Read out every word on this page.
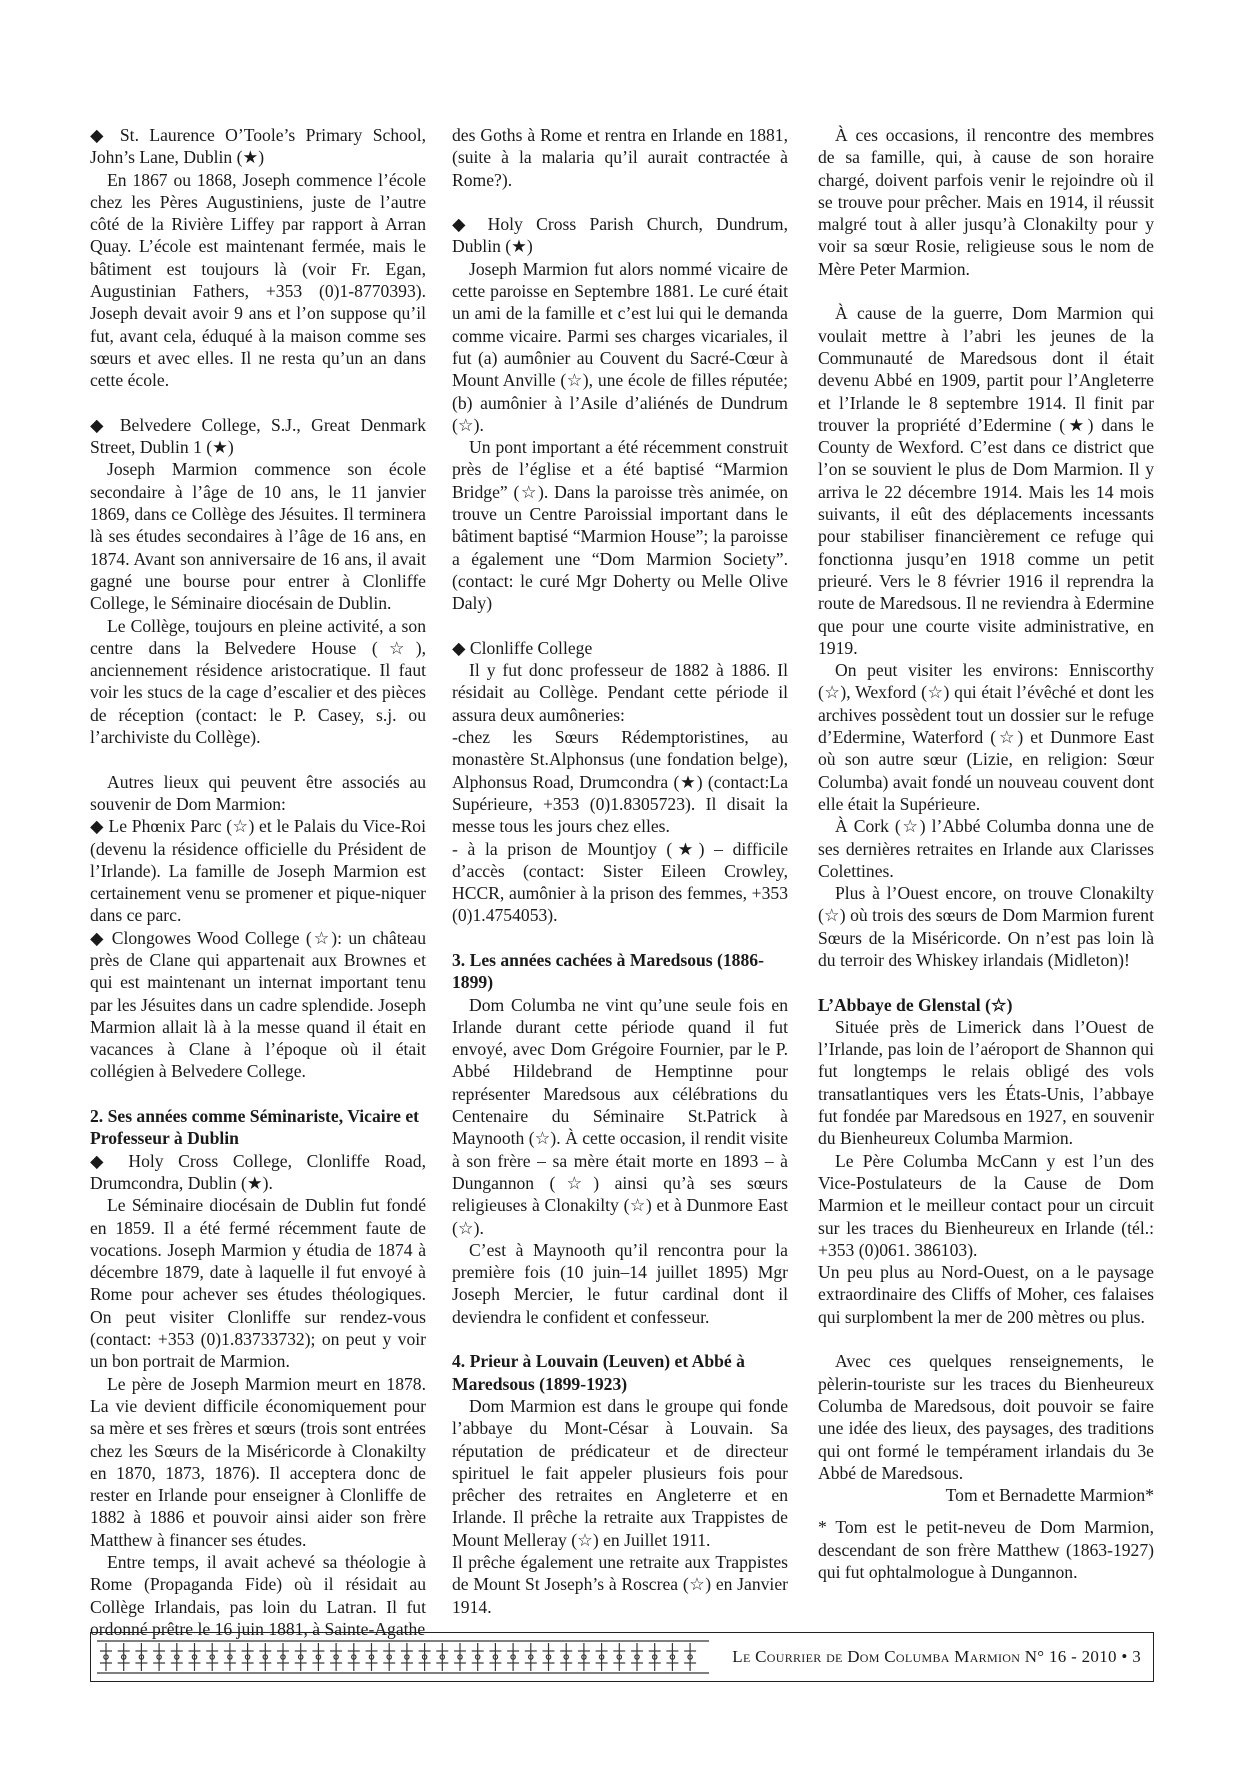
◆ St. Laurence O’Toole’s Primary School, John’s Lane, Dublin (★)

En 1867 ou 1868, Joseph commence l’école chez les Pères Augustiniens, juste de l’autre côté de la Rivière Liffey par rapport à Arran Quay. L’école est maintenant fermée, mais le bâtiment est toujours là (voir Fr. Egan, Augustinian Fathers, +353 (0)1-8770393). Joseph devait avoir 9 ans et l’on suppose qu’il fut, avant cela, éduqué à la maison comme ses sœurs et avec elles. Il ne resta qu’un an dans cette école.

◆ Belvedere College, S.J., Great Denmark Street, Dublin 1 (★)

Joseph Marmion commence son école secondaire à l’âge de 10 ans, le 11 janvier 1869, dans ce Collège des Jésuites. Il terminera là ses études secondaires à l’âge de 16 ans, en 1874. Avant son anniversaire de 16 ans, il avait gagné une bourse pour entrer à Clonliffe College, le Séminaire diocésain de Dublin.

Le Collège, toujours en pleine activité, a son centre dans la Belvedere House (☆), anciennement résidence aristocratique. Il faut voir les stucs de la cage d’escalier et des pièces de réception (contact: le P. Casey, s.j. ou l’archiviste du Collège).

Autres lieux qui peuvent être associés au souvenir de Dom Marmion:

◆ Le Phœnix Parc (☆) et le Palais du Vice-Roi (devenu la résidence officielle du Président de l’Irlande). La famille de Joseph Marmion est certainement venu se promener et pique-niquer dans ce parc.

◆ Clongowes Wood College (☆): un château près de Clane qui appartenait aux Brownes et qui est maintenant un internat important tenu par les Jésuites dans un cadre splendide. Joseph Marmion allait là à la messe quand il était en vacances à Clane à l’époque où il était collégien à Belvedere College.

2. Ses années comme Séminariste, Vicaire et Professeur à Dublin

◆ Holy Cross College, Clonliffe Road, Drumcondra, Dublin (★).

Le Séminaire diocésain de Dublin fut fondé en 1859. Il a été fermé récemment faute de vocations. Joseph Marmion y étudia de 1874 à décembre 1879, date à laquelle il fut envoyé à Rome pour achever ses études théologiques. On peut visiter Clonliffe sur rendez-vous (contact: +353 (0)1.83733732); on peut y voir un bon portrait de Marmion.

Le père de Joseph Marmion meurt en 1878. La vie devient difficile économiquement pour sa mère et ses frères et sœurs (trois sont entrées chez les Sœurs de la Miséricorde à Clonakilty en 1870, 1873, 1876). Il acceptera donc de rester en Irlande pour enseigner à Clonliffe de 1882 à 1886 et pouvoir ainsi aider son frère Matthew à financer ses études.

Entre temps, il avait achevé sa théologie à Rome (Propaganda Fide) où il résidait au Collège Irlandais, pas loin du Latran. Il fut ordonné prêtre le 16 juin 1881, à Sainte-Agathe

des Goths à Rome et rentra en Irlande en 1881, (suite à la malaria qu’il aurait contractée à Rome?).

◆ Holy Cross Parish Church, Dundrum, Dublin (★)

Joseph Marmion fut alors nommé vicaire de cette paroisse en Septembre 1881. Le curé était un ami de la famille et c’est lui qui le demanda comme vicaire. Parmi ses charges vicariales, il fut (a) aumônier au Couvent du Sacré-Cœur à Mount Anville (☆), une école de filles réputée; (b) aumônier à l’Asile d’aliénés de Dundrum (☆).

Un pont important a été récemment construit près de l’église et a été baptisé “Marmion Bridge” (☆). Dans la paroisse très animée, on trouve un Centre Paroissial important dans le bâtiment baptisé “Marmion House”; la paroisse a également une “Dom Marmion Society”. (contact: le curé Mgr Doherty ou Melle Olive Daly)

◆ Clonliffe College

Il y fut donc professeur de 1882 à 1886. Il résidait au Collège. Pendant cette période il assura deux aumôneries:

-chez les Sœurs Rédemptoristines, au monastère St.Alphonsus (une fondation belge), Alphonsus Road, Drumcondra (★) (contact:La Supérieure, +353 (0)1.8305723). Il disait la messe tous les jours chez elles.

- à la prison de Mountjoy (★) – difficile d’accès (contact: Sister Eileen Crowley, HCCR, aumônier à la prison des femmes, +353 (0)1.4754053).

3. Les années cachées à Maredsous (1886-1899)

Dom Columba ne vint qu’une seule fois en Irlande durant cette période quand il fut envoyé, avec Dom Grégoire Fournier, par le P. Abbé Hildebrand de Hemptinne pour représenter Maredsous aux célébrations du Centenaire du Séminaire St.Patrick à Maynooth (☆). À cette occasion, il rendit visite à son frère – sa mère était morte en 1893 – à Dungannon (☆) ainsi qu’à ses sœurs religieuses à Clonakilty (☆) et à Dunmore East (☆).

C’est à Maynooth qu’il rencontra pour la première fois (10 juin–14 juillet 1895) Mgr Joseph Mercier, le futur cardinal dont il deviendra le confident et confesseur.

4. Prieur à Louvain (Leuven) et Abbé à Maredsous (1899-1923)

Dom Marmion est dans le groupe qui fonde l’abbaye du Mont-César à Louvain. Sa réputation de prédicateur et de directeur spirituel le fait appeler plusieurs fois pour prêcher des retraites en Angleterre et en Irlande. Il prêche la retraite aux Trappistes de Mount Melleray (☆) en Juillet 1911.

Il prêche également une retraite aux Trappistes de Mount St Joseph’s à Roscrea (☆) en Janvier 1914.

À ces occasions, il rencontre des membres de sa famille, qui, à cause de son horaire chargé, doivent parfois venir le rejoindre où il se trouve pour prêcher. Mais en 1914, il réussit malgré tout à aller jusqu’à Clonakilty pour y voir sa sœur Rosie, religieuse sous le nom de Mère Peter Marmion.

À cause de la guerre, Dom Marmion qui voulait mettre à l’abri les jeunes de la Communauté de Maredsous dont il était devenu Abbé en 1909, partit pour l’Angleterre et l’Irlande le 8 septembre 1914. Il finit par trouver la propriété d’Edermine (★) dans le County de Wexford. C’est dans ce district que l’on se souvient le plus de Dom Marmion. Il y arriva le 22 décembre 1914. Mais les 14 mois suivants, il eût des déplacements incessants pour stabiliser financièrement ce refuge qui fonctionna jusqu’en 1918 comme un petit prieuré. Vers le 8 février 1916 il reprendra la route de Maredsous. Il ne reviendra à Edermine que pour une courte visite administrative, en 1919.

On peut visiter les environs: Enniscorthy (☆), Wexford (☆) qui était l’évêché et dont les archives possèdent tout un dossier sur le refuge d’Edermine, Waterford (☆) et Dunmore East où son autre sœur (Lizie, en religion: Sœur Columba) avait fondé un nouveau couvent dont elle était la Supérieure.

À Cork (☆) l’Abbé Columba donna une de ses dernières retraites en Irlande aux Clarisses Colettines.

Plus à l’Ouest encore, on trouve Clonakilty (☆) où trois des sœurs de Dom Marmion furent Sœurs de la Miséricorde. On n’est pas loin là du terroir des Whiskey irlandais (Midleton)!

L’Abbaye de Glenstal (☆)

Située près de Limerick dans l’Ouest de l’Irlande, pas loin de l’aéroport de Shannon qui fut longtemps le relais obligé des vols transatlantiques vers les États-Unis, l’abbaye fut fondée par Maredsous en 1927, en souvenir du Bienheureux Columba Marmion.

Le Père Columba McCann y est l’un des Vice-Postulateurs de la Cause de Dom Marmion et le meilleur contact pour un circuit sur les traces du Bienheureux en Irlande (tél.: +353 (0)061. 386103).

Un peu plus au Nord-Ouest, on a le paysage extraordinaire des Cliffs of Moher, ces falaises qui surplombent la mer de 200 mètres ou plus.

Avec ces quelques renseignements, le pèlerin-touriste sur les traces du Bienheureux Columba de Maredsous, doit pouvoir se faire une idée des lieux, des paysages, des traditions qui ont formé le tempérament irlandais du 3e Abbé de Maredsous.

Tom et Bernadette Marmion*

* Tom est le petit-neveu de Dom Marmion, descendant de son frère Matthew (1863-1927) qui fut ophtalmologue à Dungannon.

Le Courrier de Dom Columba Marmion N° 16 - 2010 • 3
